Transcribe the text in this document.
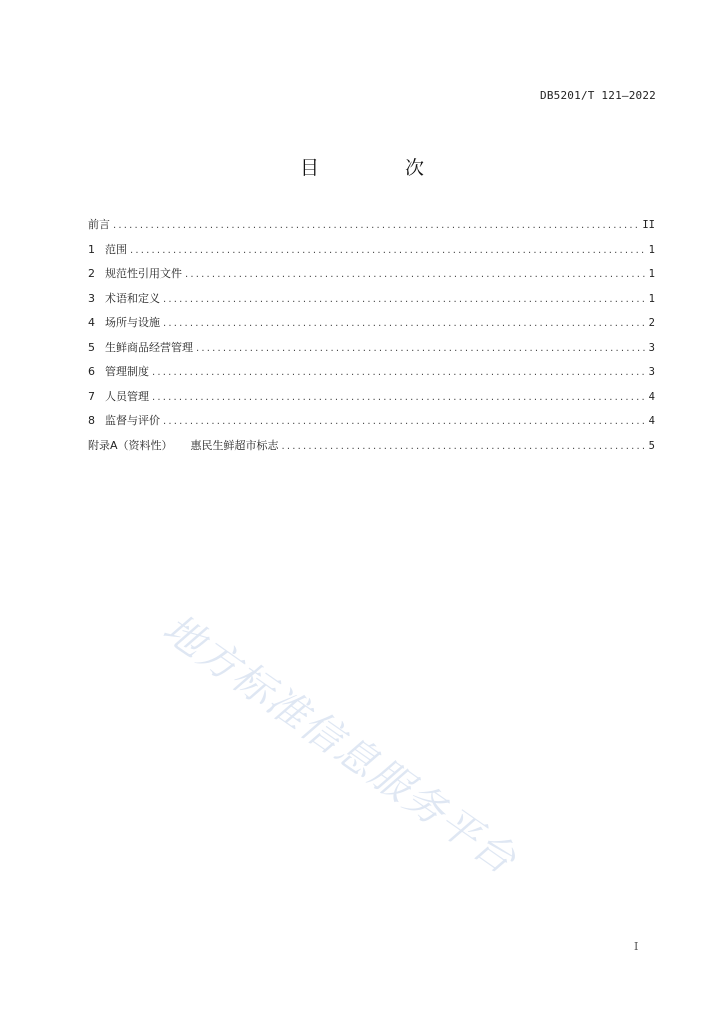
DB5201/T 121—2022
目 次
前言 .....	II
1 范围 .....	1
2 规范性引用文件 .....	1
3 术语和定义 .....	1
4 场所与设施 .....	2
5 生鲜商品经营管理 .....	3
6 管理制度 .....	3
7 人员管理 .....	4
8 监督与评价 .....	4
附录A（资料性） 惠民生鲜超市标志 .....	5
地方标准信息服务平台
I
